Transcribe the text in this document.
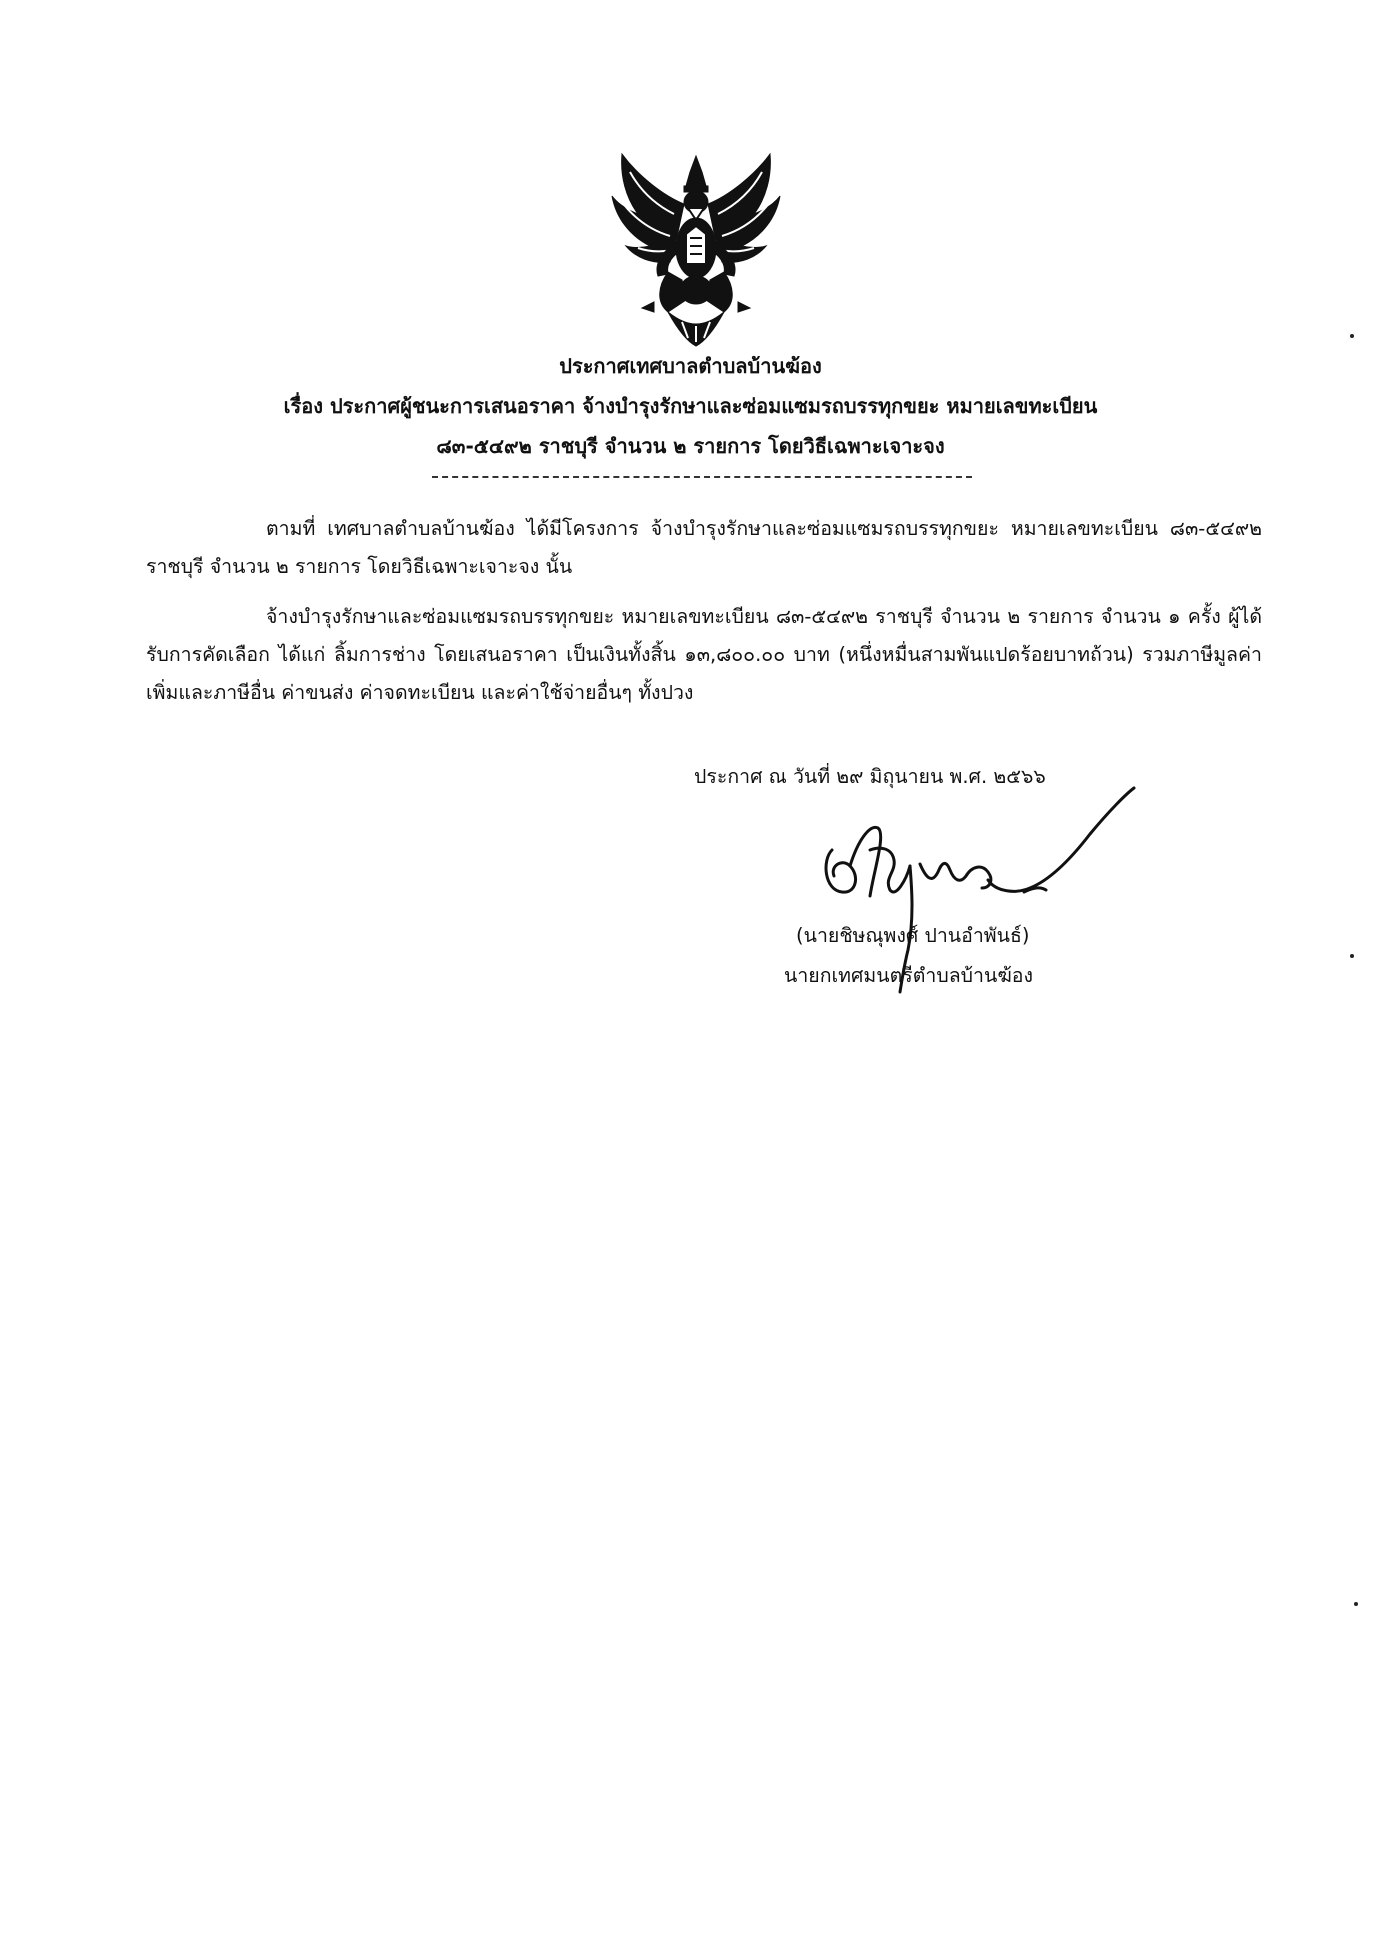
ประกาศเทศบาลตำบลบ้านฆ้อง
เรื่อง ประกาศผู้ชนะการเสนอราคา จ้างบำรุงรักษาและซ่อมแซมรถบรรทุกขยะ หมายเลขทะเบียน
๘๓-๕๔๙๒ ราชบุรี จำนวน ๒ รายการ โดยวิธีเฉพาะเจาะจง

ตามที่ เทศบาลตำบลบ้านฆ้อง ได้มีโครงการ จ้างบำรุงรักษาและซ่อมแซมรถบรรทุกขยะ หมายเลขทะเบียน ๘๓-๕๔๙๒ ราชบุรี จำนวน ๒ รายการ โดยวิธีเฉพาะเจาะจง นั้น

จ้างบำรุงรักษาและซ่อมแซมรถบรรทุกขยะ หมายเลขทะเบียน ๘๓-๕๔๙๒ ราชบุรี จำนวน ๒ รายการ จำนวน ๑ ครั้ง ผู้ได้รับการคัดเลือก ได้แก่ ลิ้มการช่าง โดยเสนอราคา เป็นเงินทั้งสิ้น ๑๓,๘๐๐.๐๐ บาท (หนึ่งหมื่นสามพันแปดร้อยบาทถ้วน) รวมภาษีมูลค่าเพิ่มและภาษีอื่น ค่าขนส่ง ค่าจดทะเบียน และค่าใช้จ่ายอื่นๆ ทั้งปวง

ประกาศ ณ วันที่ ๒๙ มิถุนายน พ.ศ. ๒๕๖๖
(นายชิษณุพงศ์ ปานอำพันธ์)
นายกเทศมนตรีตำบลบ้านฆ้อง
